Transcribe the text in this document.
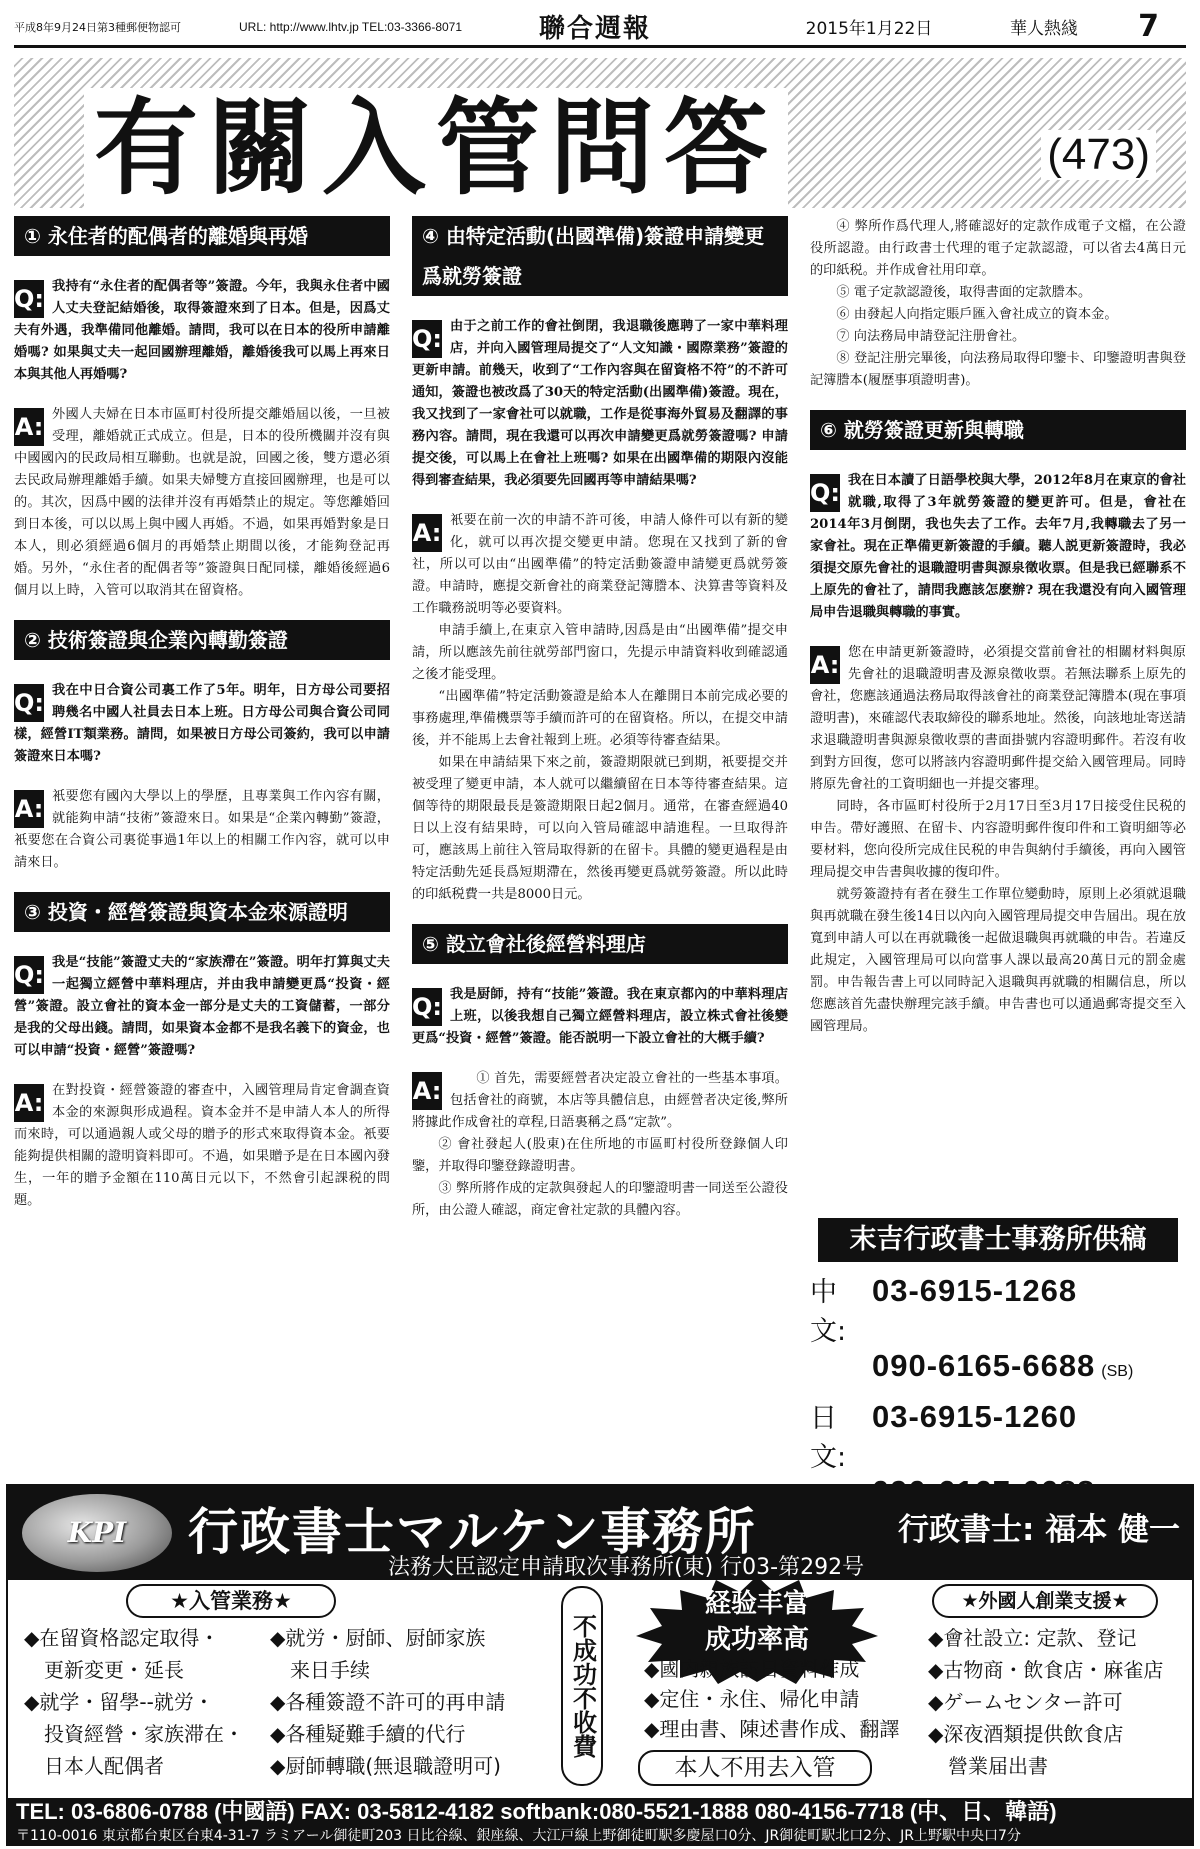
平成8年9月24日第3種郵便物認可	URL: http://www.lhtv.jp TEL:03-3366-8071	聯合週報	2015年1月22日	華人熱綫	7
有關入管問答	(473)
① 永住者的配偶者的離婚與再婚
Q: 我持有“永住者的配偶者等”簽證。今年，我與永住者中國人丈夫登記結婚後，取得簽證來到了日本。但是，因爲丈夫有外遇，我準備同他離婚。請問，我可以在日本的役所申請離婚嗎? 如果與丈夫一起回國辦理離婚，離婚後我可以馬上再來日本與其他人再婚嗎?
A: 外國人夫婦在日本市區町村役所提交離婚屆以後，一旦被受理，離婚就正式成立。但是，日本的役所機關并沒有與中國國內的民政局相互聯動。也就是說，回國之後，雙方還必須去民政局辦理離婚手續。如果夫婦雙方直接回國辦理，也是可以的。其次，因爲中國的法律并沒有再婚禁止的規定。等您離婚回到日本後，可以以馬上與中國人再婚。不過，如果再婚對象是日本人，則必須經過6個月的再婚禁止期間以後，才能夠登記再婚。另外，“永住者的配偶者等”簽證與日配同樣，離婚後經過6個月以上時，入管可以取消其在留資格。
② 技術簽證與企業內轉勤簽證
Q: 我在中日合資公司裏工作了5年。明年，日方母公司要招聘幾名中國人社員去日本上班。日方母公司與合資公司同樣，經營IT類業務。請問，如果被日方母公司簽約，我可以申請簽證來日本嗎?
A: 衹要您有國內大學以上的學歷，且專業與工作內容有關，就能夠申請“技術”簽證來日。如果是“企業內轉勤”簽證，衹要您在合資公司裏從事過1年以上的相關工作內容，就可以申請來日。
③ 投資・經營簽證與資本金來源證明
Q: 我是“技能”簽證丈夫的“家族滯在”簽證。明年打算與丈夫一起獨立經營中華料理店，并由我申請變更爲“投資・經營”簽證。設立會社的資本金一部分是丈夫的工資儲蓄，一部分是我的父母出錢。請問，如果資本金都不是我名義下的資金，也可以申請“投資・經營”簽證嗎?
A: 在對投資・經營簽證的審查中，入國管理局肯定會調查資本金的來源與形成過程。資本金并不是申請人本人的所得而來時，可以通過親人或父母的贈予的形式來取得資本金。衹要能夠提供相關的證明資料即可。不過，如果贈予是在日本國內發生，一年的贈予金額在110萬日元以下，不然會引起課税的問題。
④ 由特定活動(出國準備)簽證申請變更爲就勞簽證
Q: 由于之前工作的會社倒閉，我退職後應聘了一家中華料理店，并向入國管理局提交了“人文知識・國際業務”簽證的更新申請。前幾天，收到了“工作內容與在留資格不符”的不許可通知，簽證也被改爲了30天的特定活動(出國準備)簽證。現在，我又找到了一家會社可以就職，工作是從事海外貿易及翻譯的事務內容。請問，現在我還可以再次申請變更爲就勞簽證嗎? 申請提交後，可以馬上在會社上班嗎? 如果在出國準備的期限內沒能得到審查結果，我必須要先回國再等申請結果嗎?
A: 衹要在前一次的申請不許可後，申請人條件可以有新的變化，就可以再次提交變更申請。您現在又找到了新的會社，所以可以由“出國準備”的特定活動簽證申請變更爲就勞簽證。申請時，應提交新會社的商業登記簿謄本、決算書等資料及工作職務説明等必要資料。
申請手續上,在東京入管申請時,因爲是由“出國準備”提交申請，所以應該先前往就勞部門窗口，先提示申請資料收到確認通之後才能受理。
“出國準備”特定活動簽證是給本人在離開日本前完成必要的事務處理,準備機票等手續而許可的在留資格。所以，在提交申請後，并不能馬上去會社報到上班。必須等待審查結果。
如果在申請結果下來之前，簽證期限就已到期，衹要提交并被受理了變更申請，本人就可以繼續留在日本等待審查結果。這個等待的期限最長是簽證期限日起2個月。通常，在審查經過40日以上沒有結果時，可以向入管局確認申請進程。一旦取得許可，應該馬上前往入管局取得新的在留卡。具體的變更過程是由特定活動先延長爲短期滯在，然後再變更爲就勞簽證。所以此時的印紙税費一共是8000日元。
⑤ 設立會社後經營料理店
Q: 我是厨師，持有“技能”簽證。我在東京都內的中華料理店上班，以後我想自己獨立經營料理店，設立株式會社後變更爲“投資・經營”簽證。能否説明一下設立會社的大概手續?
A:	① 首先，需要經營者决定設立會社的一些基本事項。包括會社的商號，本店等具體信息，由經營者决定後,弊所將據此作成會社的章程,日語裏稱之爲“定款”。
② 會社發起人(股東)在住所地的市區町村役所登錄個人印鑒，并取得印鑒登錄證明書。
③ 弊所將作成的定款與發起人的印鑒證明書一同送至公證役所，由公證人確認，商定會社定款的具體內容。
④ 弊所作爲代理人,將確認好的定款作成電子文檔，在公證役所認證。由行政書士代理的電子定款認證，可以省去4萬日元的印紙税。并作成會社用印章。
⑤ 電子定款認證後，取得書面的定款謄本。
⑥ 由發起人向指定賬戶匯入會社成立的資本金。
⑦ 向法務局申請登記注册會社。
⑧ 登記注册完畢後，向法務局取得印鑒卡、印鑒證明書與登記簿謄本(履歷事項證明書)。
⑥ 就勞簽證更新與轉職
Q: 我在日本讀了日語學校與大學，2012年8月在東京的會社就職,取得了3年就勞簽證的變更許可。但是，會社在2014年3月倒閉，我也失去了工作。去年7月,我轉職去了另一家會社。現在正準備更新簽證的手續。聽人説更新簽證時，我必須提交原先會社的退職證明書與源泉徵收票。但是我已經聯系不上原先的會社了，請問我應該怎麽辦? 現在我還没有向入國管理局申告退職與轉職的事實。
A: 您在申請更新簽證時，必須提交當前會社的相關材料與原先會社的退職證明書及源泉徵收票。若無法聯系上原先的會社，您應該通過法務局取得該會社的商業登記簿謄本(現在事項證明書)，來確認代表取締役的聯系地址。然後，向該地址寄送請求退職證明書與源泉徵收票的書面掛號内容證明郵件。若沒有收到對方回復，您可以將該内容證明郵件提交給入國管理局。同時將原先會社的工資明細也一并提交審理。
同時，各市區町村役所于2月17日至3月17日接受住民税的申告。帶好護照、在留卡、内容證明郵件復印件和工資明細等必要材料，您向役所完成住民税的申告與納付手續後，再向入國管理局提交申告書與收據的復印件。
就勞簽證持有者在發生工作單位變動時，原則上必須就退職與再就職在發生後14日以內向入國管理局提交申告屆出。現在放寬到申請人可以在再就職後一起做退職與再就職的申告。若違反此規定，入國管理局可以向當事人課以最高20萬日元的罰金處罰。申告報告書上可以同時記入退職與再就職的相關信息，所以您應該首先盡快辦理完該手續。申告書也可以通過郵寄提交至入國管理局。
末吉行政書士事務所供稿
中文:
03-6915-1268
090-6165-6688 (SB)
日文:
03-6915-1260
KPI	行政書士マルケン事務所	行政書士: 福本 健一
法務大臣認定申請取次事務所(東) 行03-第292号
★入管業務★
◆在留資格認定取得・
更新変更・延長
◆就学・留學--就労・
投資經營・家族滞在・
日本人配偶者
◆就労・厨師、厨師家族
来日手续
◆各種簽證不許可的再申請
◆各種疑難手續的代行
◆厨師轉職(無退職證明可)
不成功不收費
経验丰富
成功率高
◆國内親族訪日資料作成
◆定住・永住、帰化申請
◆理由書、陳述書作成、翻譯
本人不用去入管
★外國人創業支援★
◆會社設立: 定款、登记
◆古物商・飲食店・麻雀店
◆ゲームセンター許可
◆深夜酒類提供飲食店
營業届出書
TEL: 03-6806-0788 (中國語) FAX: 03-5812-4182 softbank:080-5521-1888 080-4156-7718 (中、日、韓語)
〒110-0016 東京都台東区台東4-31-7 ラミアール御徒町203 日比谷線、銀座線、大江戸線上野御徒町駅多慶屋口0分、JR御徒町駅北口2分、JR上野駅中央口7分
